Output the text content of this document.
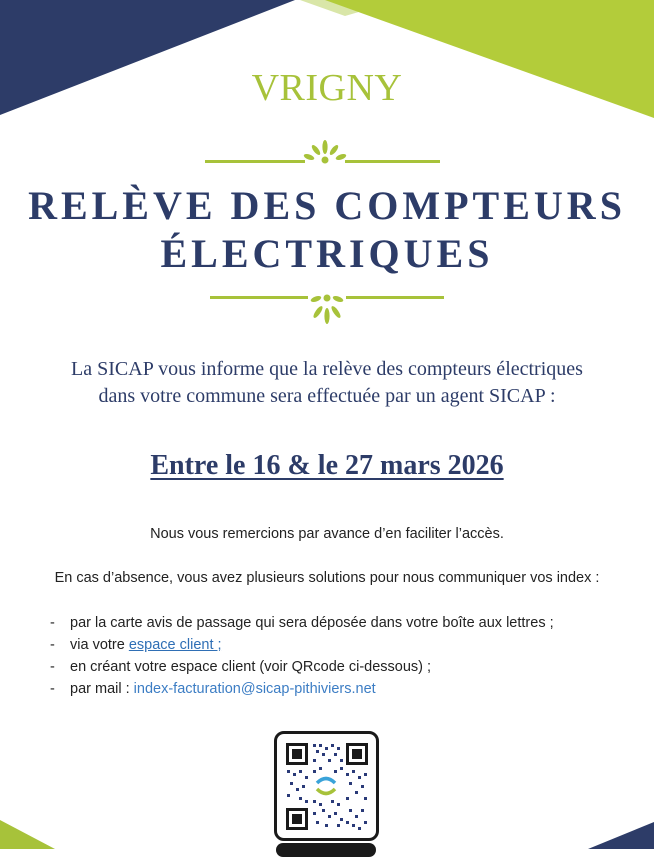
VRIGNY
RELÈVE DES COMPTEURS
ÉLECTRIQUES
La SICAP vous informe que la relève des compteurs électriques
dans votre commune sera effectuée par un agent SICAP :
Entre le 16 & le 27 mars 2026
Nous vous remercions par avance d’en faciliter l’accès.
En cas d’absence, vous avez plusieurs solutions pour nous communiquer vos index :
- par la carte avis de passage qui sera déposée dans votre boîte aux lettres ;
- via votre espace client ;
- en créant votre espace client (voir QRcode ci-dessous) ;
- par mail : index-facturation@sicap-pithiviers.net
